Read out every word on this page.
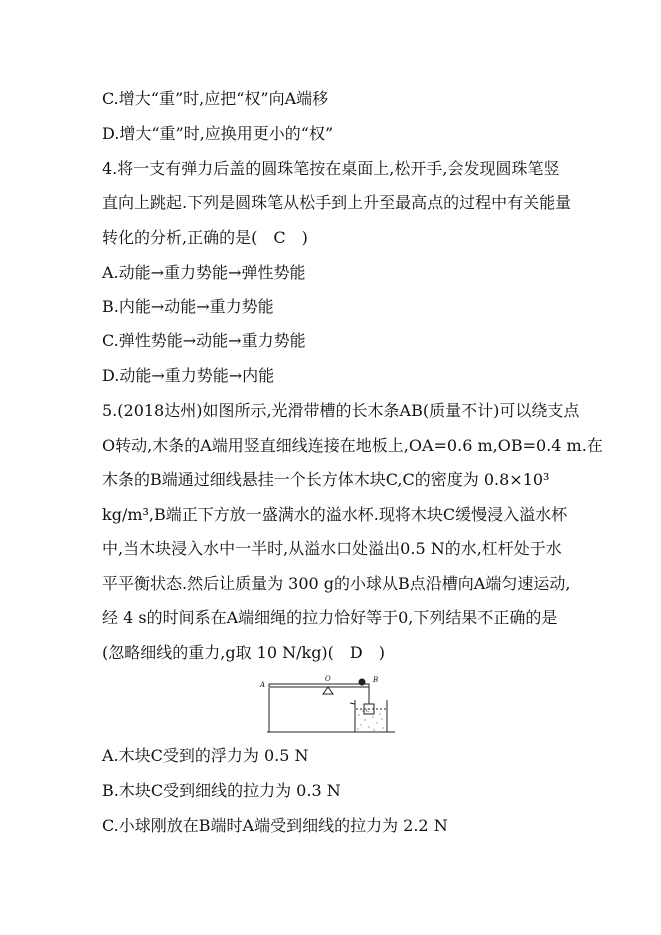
C.增大“重”时,应把“权”向A端移
D.增大“重”时,应换用更小的“权”
4.将一支有弹力后盖的圆珠笔按在桌面上,松开手,会发现圆珠笔竖
直向上跳起.下列是圆珠笔从松手到上升至最高点的过程中有关能量
转化的分析,正确的是(　C　)
A.动能→重力势能→弹性势能
B.内能→动能→重力势能
C.弹性势能→动能→重力势能
D.动能→重力势能→内能
5.(2018达州)如图所示,光滑带槽的长木条AB(质量不计)可以绕支点
O转动,木条的A端用竖直细线连接在地板上,OA=0.6 m,OB=0.4 m.在
木条的B端通过细线悬挂一个长方体木块C,C的密度为 0.8×10³
kg/m³,B端正下方放一盛满水的溢水杯.现将木块C缓慢浸入溢水杯
中,当木块浸入水中一半时,从溢水口处溢出0.5 N的水,杠杆处于水
平平衡状态.然后让质量为 300 g的小球从B点沿槽向A端匀速运动,
经 4 s的时间系在A端细绳的拉力恰好等于0,下列结果不正确的是
(忽略细线的重力,g取 10 N/kg)(　D　)
A
O	B
C
A.木块C受到的浮力为 0.5 N
B.木块C受到细线的拉力为 0.3 N
C.小球刚放在B端时A端受到细线的拉力为 2.2 N
